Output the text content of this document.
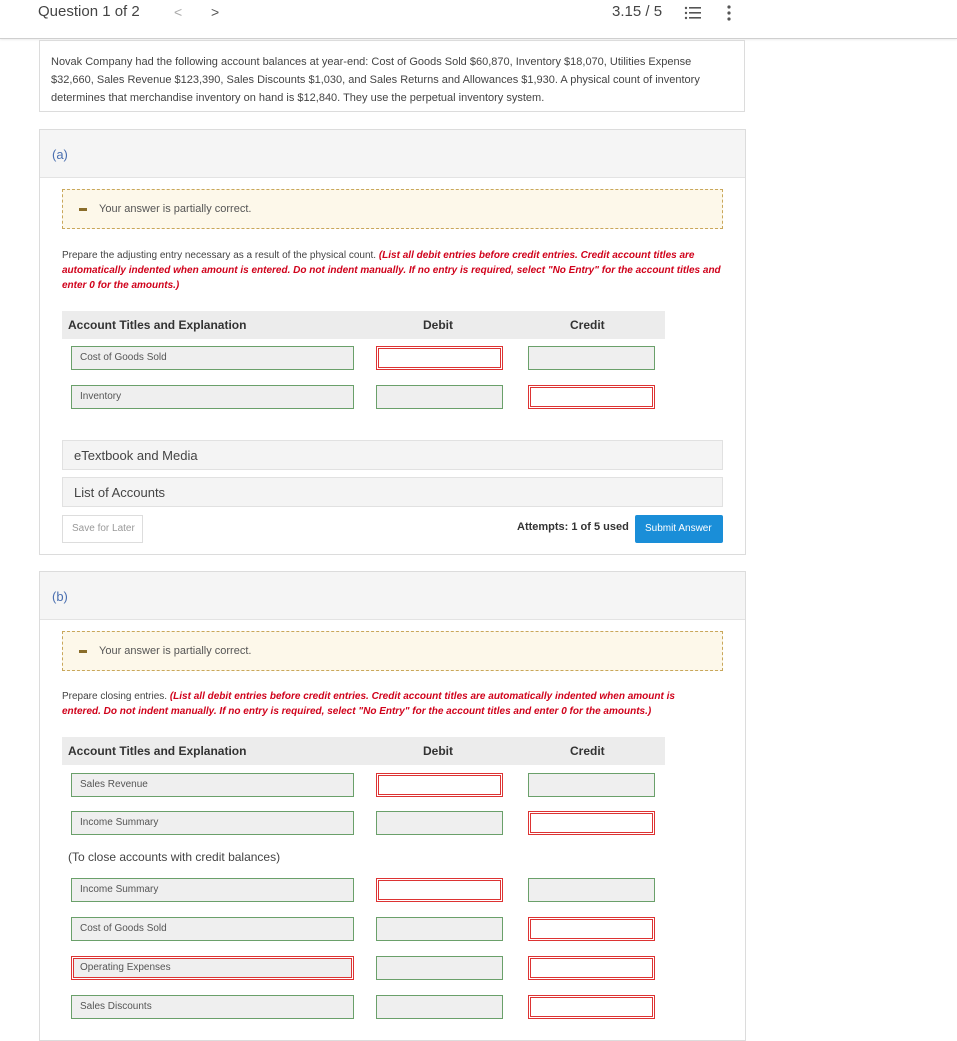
Question 1 of 2 < >	3.15 / 5
Novak Company had the following account balances at year-end: Cost of Goods Sold $60,870, Inventory $18,070, Utilities Expense $32,660, Sales Revenue $123,390, Sales Discounts $1,030, and Sales Returns and Allowances $1,930. A physical count of inventory determines that merchandise inventory on hand is $12,840. They use the perpetual inventory system.
(a)
Your answer is partially correct.
Prepare the adjusting entry necessary as a result of the physical count. (List all debit entries before credit entries. Credit account titles are automatically indented when amount is entered. Do not indent manually. If no entry is required, select "No Entry" for the account titles and enter 0 for the amounts.)
Account Titles and Explanation	Debit	Credit
Cost of Goods Sold
Inventory
eTextbook and Media
List of Accounts
Save for Later	Attempts: 1 of 5 used	Submit Answer
(b)
Your answer is partially correct.
Prepare closing entries. (List all debit entries before credit entries. Credit account titles are automatically indented when amount is entered. Do not indent manually. If no entry is required, select "No Entry" for the account titles and enter 0 for the amounts.)
Account Titles and Explanation	Debit	Credit
Sales Revenue
Income Summary
(To close accounts with credit balances)
Income Summary
Cost of Goods Sold
Operating Expenses
Sales Discounts
